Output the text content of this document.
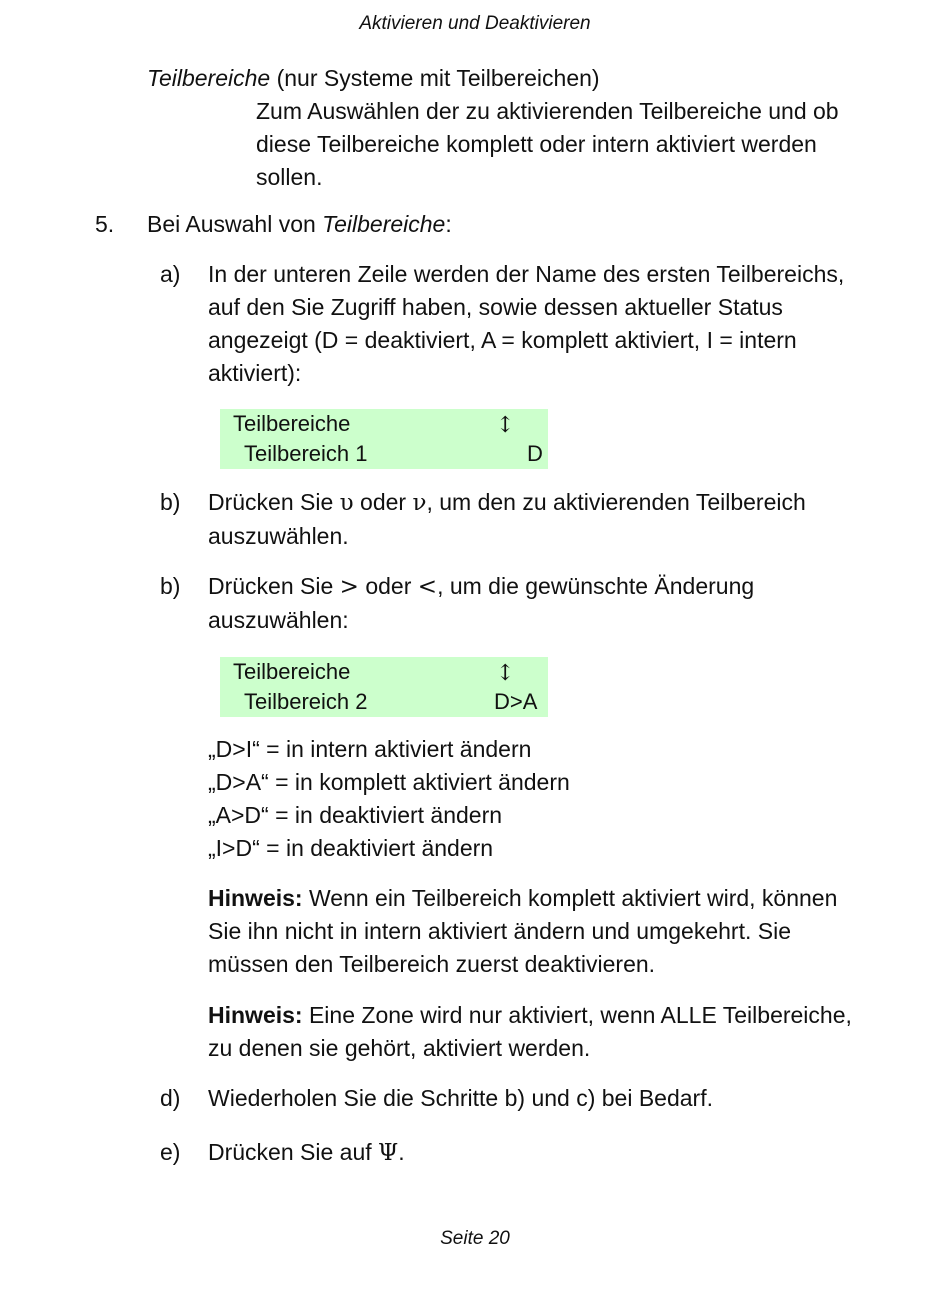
Aktivieren und Deaktivieren
Teilbereiche (nur Systeme mit Teilbereichen)
Zum Auswählen der zu aktivierenden Teilbereiche und ob
diese Teilbereiche komplett oder intern aktiviert werden
sollen.
5. Bei Auswahl von Teilbereiche:
a) In der unteren Zeile werden der Name des ersten Teilbereichs,
auf den Sie Zugriff haben, sowie dessen aktueller Status
angezeigt (D = deaktiviert, A = komplett aktiviert, I = intern
aktiviert):
Teilbereiche	↕
Teilbereich 1	D
b) Drücken Sie υ oder ν, um den zu aktivierenden Teilbereich
auszuwählen.
b) Drücken Sie > oder <, um die gewünschte Änderung
auszuwählen:
Teilbereiche	↕
Teilbereich 2	D>A
„D>I“ = in intern aktiviert ändern
„D>A“ = in komplett aktiviert ändern
„A>D“ = in deaktiviert ändern
„I>D“ = in deaktiviert ändern
Hinweis: Wenn ein Teilbereich komplett aktiviert wird, können
Sie ihn nicht in intern aktiviert ändern und umgekehrt. Sie
müssen den Teilbereich zuerst deaktivieren.
Hinweis: Eine Zone wird nur aktiviert, wenn ALLE Teilbereiche,
zu denen sie gehört, aktiviert werden.
d) Wiederholen Sie die Schritte b) und c) bei Bedarf.
e) Drücken Sie auf Ψ.
Seite 20
